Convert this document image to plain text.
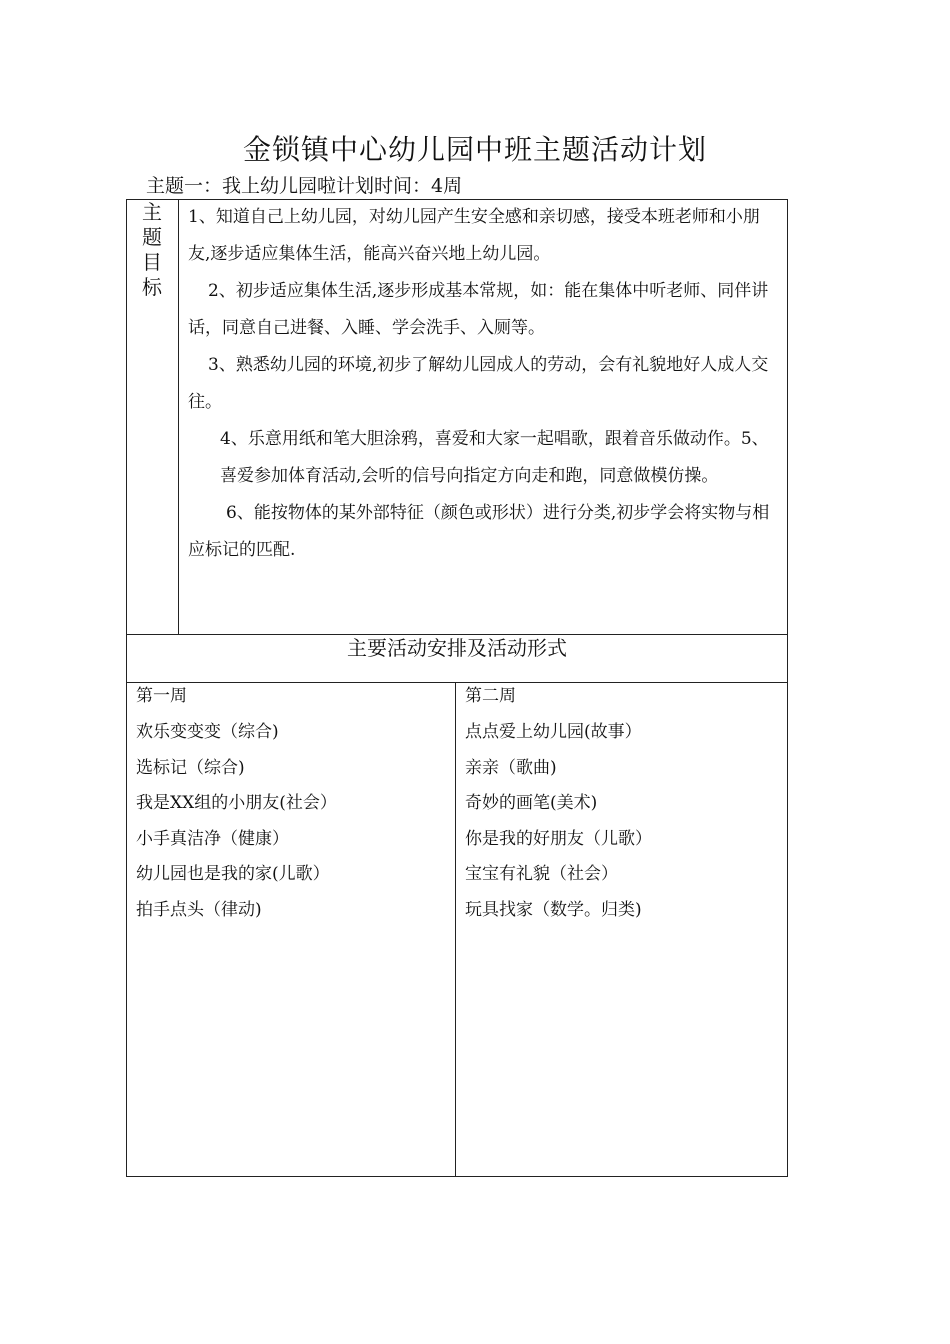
金锁镇中心幼儿园中班主题活动计划
主题一：我上幼儿园啦计划时间：4周
主
题
目
标

1、知道自己上幼儿园，对幼儿园产生安全感和亲切感，接受本班老师和小朋友,逐步适应集体生活，能高兴奋兴地上幼儿园。

2、初步适应集体生活,逐步形成基本常规，如：能在集体中听老师、同伴讲话，同意自己进餐、入睡、学会洗手、入厕等。

3、熟悉幼儿园的环境,初步了解幼儿园成人的劳动，会有礼貌地好人成人交往。

4、乐意用纸和笔大胆涂鸦，喜爱和大家一起唱歌，跟着音乐做动作。5、喜爱参加体育活动,会听的信号向指定方向走和跑，同意做模仿操。

6、能按物体的某外部特征（颜色或形状）进行分类,初步学会将实物与相应标记的匹配.

主要活动安排及活动形式

第一周

欢乐变变变（综合)
选标记（综合)
我是XX组的小朋友(社会）
小手真洁净（健康）
幼儿园也是我的家(儿歌）
拍手点头（律动)

第二周

点点爱上幼儿园(故事）
亲亲（歌曲)
奇妙的画笔(美术)
你是我的好朋友（儿歌）
宝宝有礼貌（社会）
玩具找家（数学。归类)
